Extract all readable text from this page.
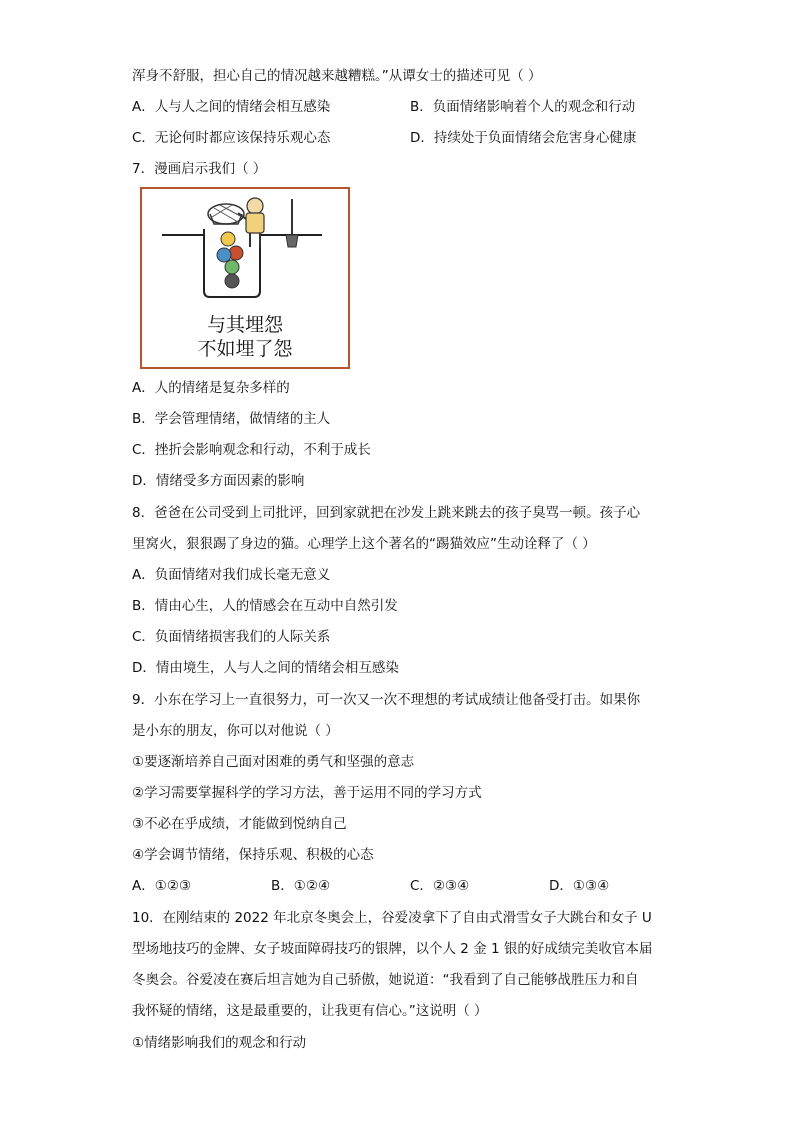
浑身不舒服，担心自己的情况越来越糟糕。”从谭女士的描述可见（ ）
A．人与人之间的情绪会相互感染	B．负面情绪影响着个人的观念和行动
C．无论何时都应该保持乐观心态	D．持续处于负面情绪会危害身心健康
7．漫画启示我们（ ）
与其埋怨
不如埋了怨
A．人的情绪是复杂多样的
B．学会管理情绪，做情绪的主人
C．挫折会影响观念和行动，不利于成长
D．情绪受多方面因素的影响
8．爸爸在公司受到上司批评，回到家就把在沙发上跳来跳去的孩子臭骂一顿。孩子心
里窝火，狠狠踢了身边的猫。心理学上这个著名的“踢猫效应”生动诠释了（ ）
A．负面情绪对我们成长毫无意义
B．情由心生，人的情感会在互动中自然引发
C．负面情绪损害我们的人际关系
D．情由境生，人与人之间的情绪会相互感染
9．小东在学习上一直很努力，可一次又一次不理想的考试成绩让他备受打击。如果你
是小东的朋友，你可以对他说（ ）
①要逐渐培养自己面对困难的勇气和坚强的意志
②学习需要掌握科学的学习方法，善于运用不同的学习方式
③不必在乎成绩，才能做到悦纳自己
④学会调节情绪，保持乐观、积极的心态
A．①②③	B．①②④	C．②③④	D．①③④
10．在刚结束的 2022 年北京冬奥会上，谷爱凌拿下了自由式滑雪女子大跳台和女子 U
型场地技巧的金牌、女子坡面障碍技巧的银牌，以个人 2 金 1 银的好成绩完美收官本届
冬奥会。谷爱凌在赛后坦言她为自己骄傲，她说道：“我看到了自己能够战胜压力和自
我怀疑的情绪，这是最重要的，让我更有信心。”这说明（ ）
①情绪影响我们的观念和行动
